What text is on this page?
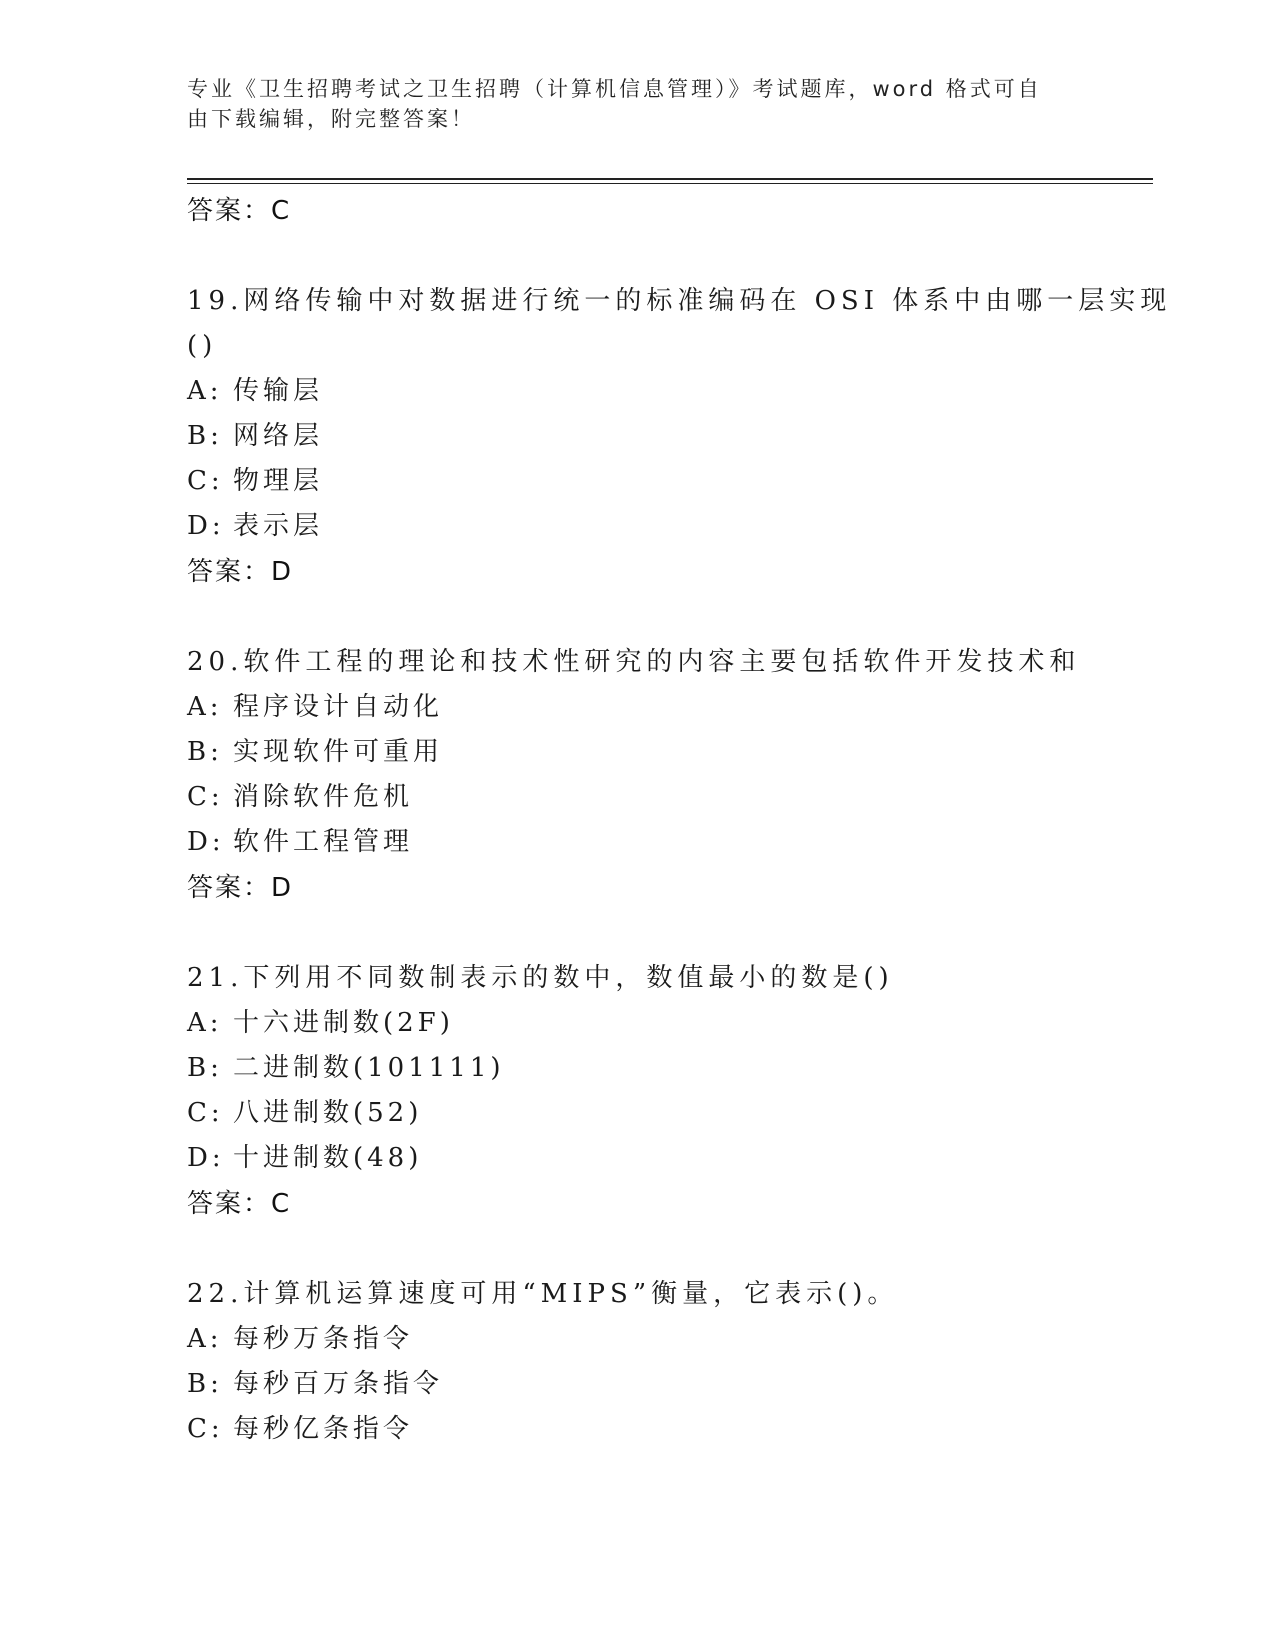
专业《卫生招聘考试之卫生招聘（计算机信息管理）》考试题库，word 格式可自
由下载编辑，附完整答案！
答案：C
19.网络传输中对数据进行统一的标准编码在 OSI 体系中由哪一层实现
()
A: 传输层
B: 网络层
C: 物理层
D: 表示层
答案：D
20.软件工程的理论和技术性研究的内容主要包括软件开发技术和
A: 程序设计自动化
B: 实现软件可重用
C: 消除软件危机
D: 软件工程管理
答案：D
21.下列用不同数制表示的数中，数值最小的数是()
A: 十六进制数(2F)
B: 二进制数(101111)
C: 八进制数(52)
D: 十进制数(48)
答案：C
22.计算机运算速度可用“MIPS”衡量，它表示()。
A: 每秒万条指令
B: 每秒百万条指令
C: 每秒亿条指令
